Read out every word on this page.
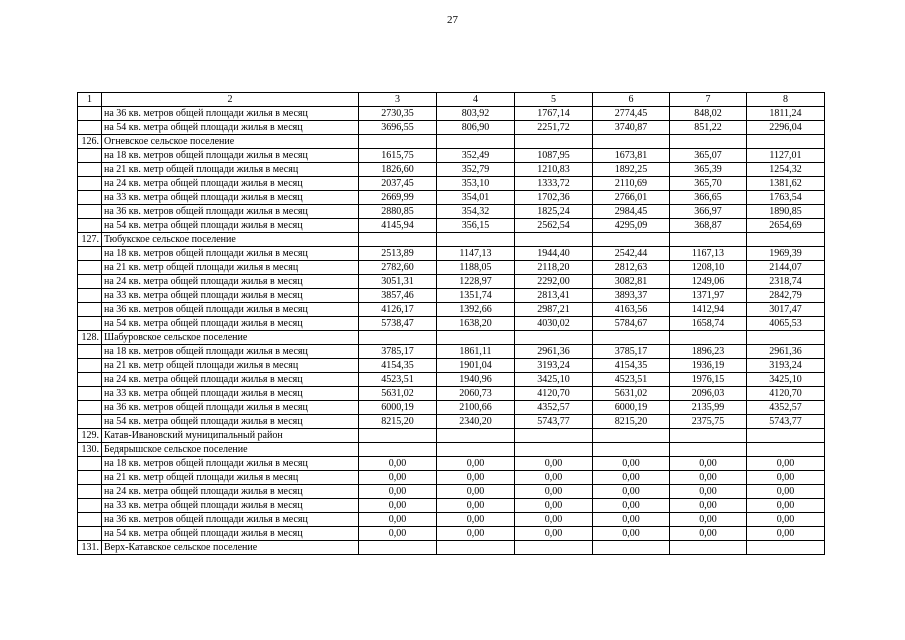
27
1	2	3	4	5	6	7	8
	на 36 кв. метров общей площади жилья в месяц	2730,35	803,92	1767,14	2774,45	848,02	1811,24
	на 54 кв. метра общей площади жилья в месяц	3696,55	806,90	2251,72	3740,87	851,22	2296,04
126.	Огневское сельское поселение						
	на 18 кв. метров общей площади жилья в месяц	1615,75	352,49	1087,95	1673,81	365,07	1127,01
	на 21 кв. метр общей площади жилья в месяц	1826,60	352,79	1210,83	1892,25	365,39	1254,32
	на 24 кв. метра общей площади жилья в месяц	2037,45	353,10	1333,72	2110,69	365,70	1381,62
	на 33 кв. метра общей площади жилья в месяц	2669,99	354,01	1702,36	2766,01	366,65	1763,54
	на 36 кв. метров общей площади жилья в месяц	2880,85	354,32	1825,24	2984,45	366,97	1890,85
	на 54 кв. метра общей площади жилья в месяц	4145,94	356,15	2562,54	4295,09	368,87	2654,69
127.	Тюбукское сельское поселение						
	на 18 кв. метров общей площади жилья в месяц	2513,89	1147,13	1944,40	2542,44	1167,13	1969,39
	на 21 кв. метр общей площади жилья в месяц	2782,60	1188,05	2118,20	2812,63	1208,10	2144,07
	на 24 кв. метра общей площади жилья в месяц	3051,31	1228,97	2292,00	3082,81	1249,06	2318,74
	на 33 кв. метра общей площади жилья в месяц	3857,46	1351,74	2813,41	3893,37	1371,97	2842,79
	на 36 кв. метров общей площади жилья в месяц	4126,17	1392,66	2987,21	4163,56	1412,94	3017,47
	на 54 кв. метра общей площади жилья в месяц	5738,47	1638,20	4030,02	5784,67	1658,74	4065,53
128.	Шабуровское сельское поселение						
	на 18 кв. метров общей площади жилья в месяц	3785,17	1861,11	2961,36	3785,17	1896,23	2961,36
	на 21 кв. метр общей площади жилья в месяц	4154,35	1901,04	3193,24	4154,35	1936,19	3193,24
	на 24 кв. метра общей площади жилья в месяц	4523,51	1940,96	3425,10	4523,51	1976,15	3425,10
	на 33 кв. метра общей площади жилья в месяц	5631,02	2060,73	4120,70	5631,02	2096,03	4120,70
	на 36 кв. метров общей площади жилья в месяц	6000,19	2100,66	4352,57	6000,19	2135,99	4352,57
	на 54 кв. метра общей площади жилья в месяц	8215,20	2340,20	5743,77	8215,20	2375,75	5743,77
129.	Катав-Ивановский муниципальный район						
130.	Бедярышское сельское поселение						
	на 18 кв. метров общей площади жилья в месяц	0,00	0,00	0,00	0,00	0,00	0,00
	на 21 кв. метр общей площади жилья в месяц	0,00	0,00	0,00	0,00	0,00	0,00
	на 24 кв. метра общей площади жилья в месяц	0,00	0,00	0,00	0,00	0,00	0,00
	на 33 кв. метра общей площади жилья в месяц	0,00	0,00	0,00	0,00	0,00	0,00
	на 36 кв. метров общей площади жилья в месяц	0,00	0,00	0,00	0,00	0,00	0,00
	на 54 кв. метра общей площади жилья в месяц	0,00	0,00	0,00	0,00	0,00	0,00
131.	Верх-Катавское сельское поселение						
